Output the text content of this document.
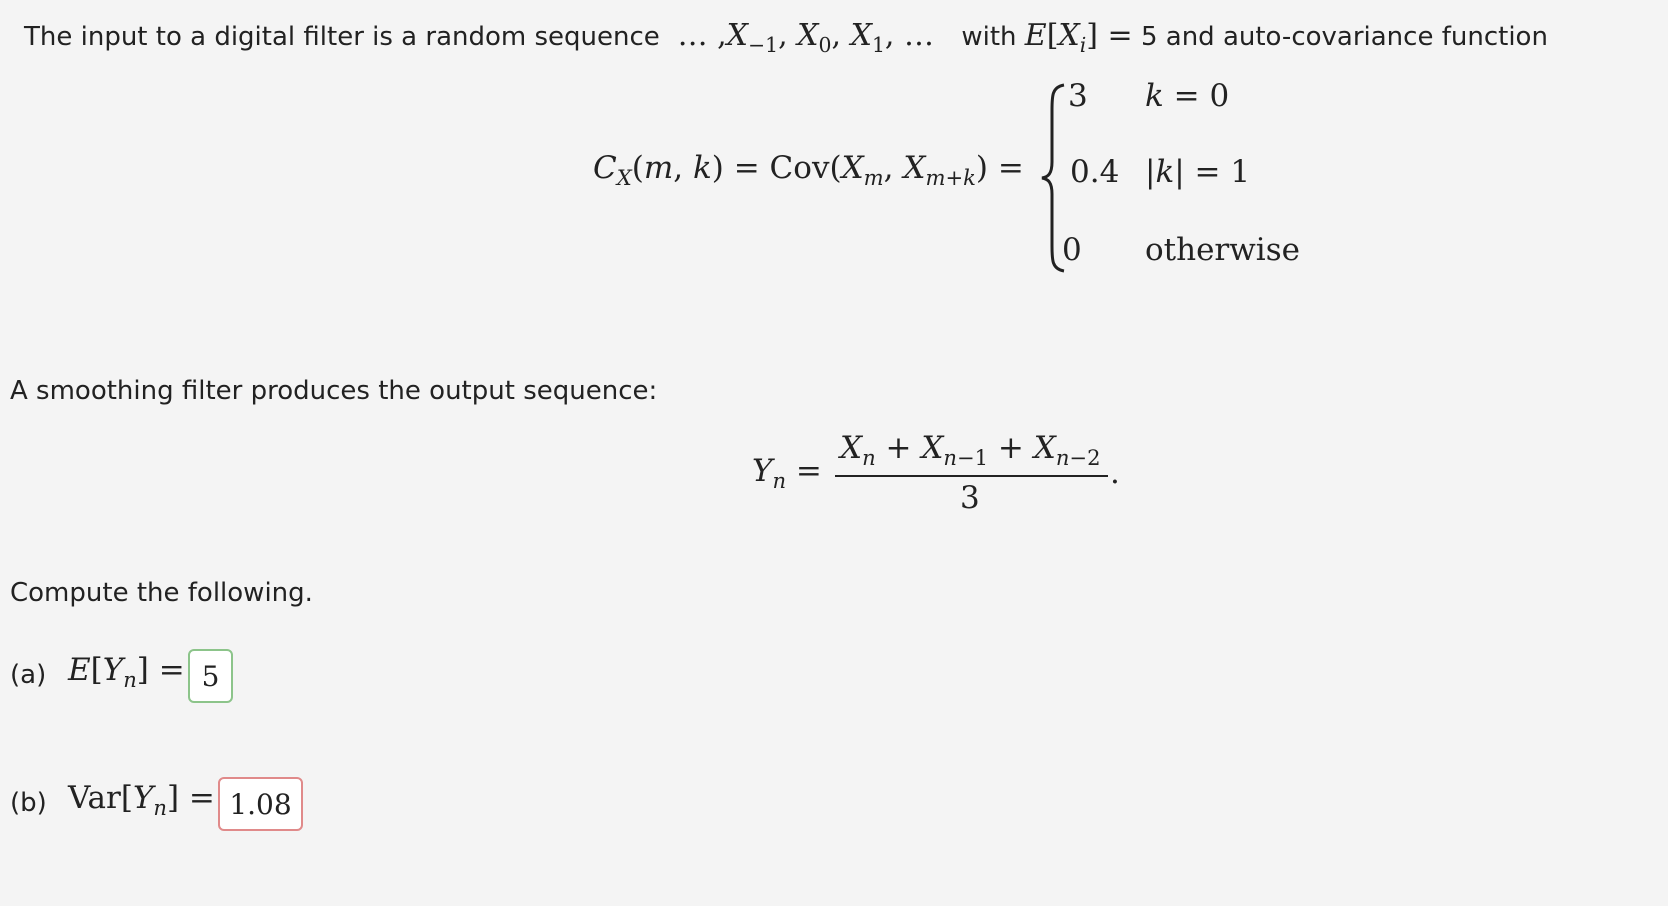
The input to a digital filter is a random sequence  … $,X_{-1}$, $X_0$, $X_1$, …   with $E[X_i] = 5$ and auto-covariance function
$C_X(m$, $k) = Cov(X_m$, $X_{m+k}$) =
3 k = 0
0.4 |k| = 1
0 otherwise
A smoothing filter produces the output sequence:
$Y_n$ =
$X_n + X_{n-1} + X_{n-2}$
3
.
Compute the following.
(a) $E[Y_n] = 5$
(b) $Var[Y_n] = 1.08$
